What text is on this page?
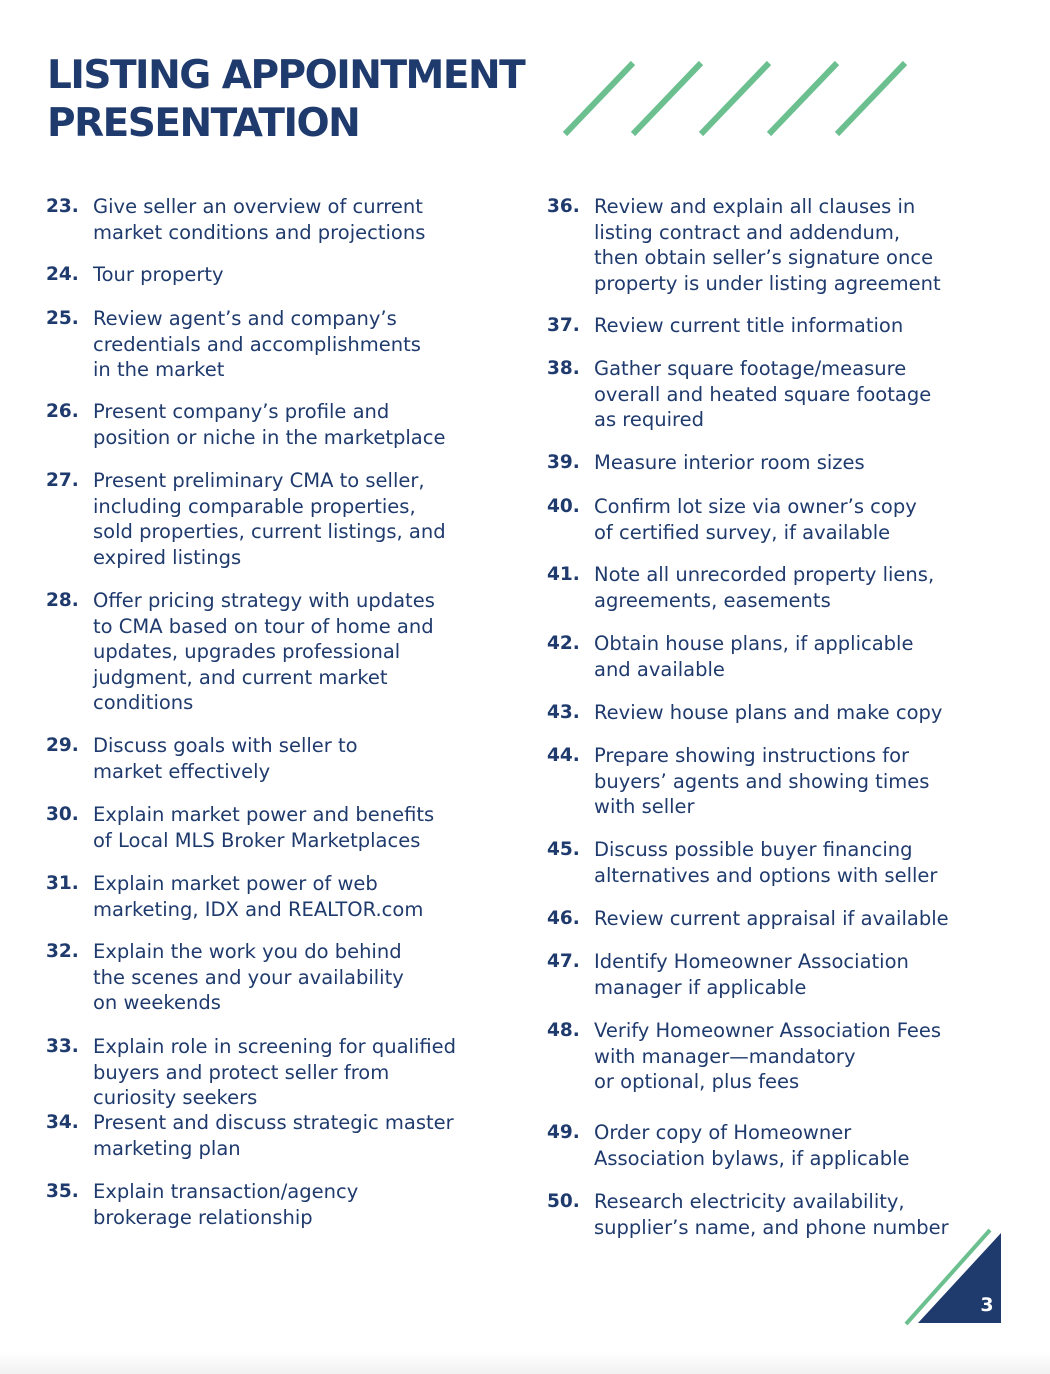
LISTING APPOINTMENT
PRESENTATION
23. Give seller an overview of current
market conditions and projections
24. Tour property
25. Review agent’s and company’s
credentials and accomplishments
in the market
26. Present company’s profile and
position or niche in the marketplace
27. Present preliminary CMA to seller,
including comparable properties,
sold properties, current listings, and
expired listings
28. Offer pricing strategy with updates
to CMA based on tour of home and
updates, upgrades professional
judgment, and current market
conditions
29. Discuss goals with seller to
market effectively
30. Explain market power and benefits
of Local MLS Broker Marketplaces
31. Explain market power of web
marketing, IDX and REALTOR.com
32. Explain the work you do behind
the scenes and your availability
on weekends
33. Explain role in screening for qualified
buyers and protect seller from
curiosity seekers
34. Present and discuss strategic master
marketing plan
35. Explain transaction/agency
brokerage relationship
36. Review and explain all clauses in
listing contract and addendum,
then obtain seller’s signature once
property is under listing agreement
37. Review current title information
38. Gather square footage/measure
overall and heated square footage
as required
39. Measure interior room sizes
40. Confirm lot size via owner’s copy
of certified survey, if available
41. Note all unrecorded property liens,
agreements, easements
42. Obtain house plans, if applicable
and available
43. Review house plans and make copy
44. Prepare showing instructions for
buyers’ agents and showing times
with seller
45. Discuss possible buyer financing
alternatives and options with seller
46. Review current appraisal if available
47. Identify Homeowner Association
manager if applicable
48. Verify Homeowner Association Fees
with manager—mandatory
or optional, plus fees
49. Order copy of Homeowner
Association bylaws, if applicable
50. Research electricity availability,
supplier’s name, and phone number
3
